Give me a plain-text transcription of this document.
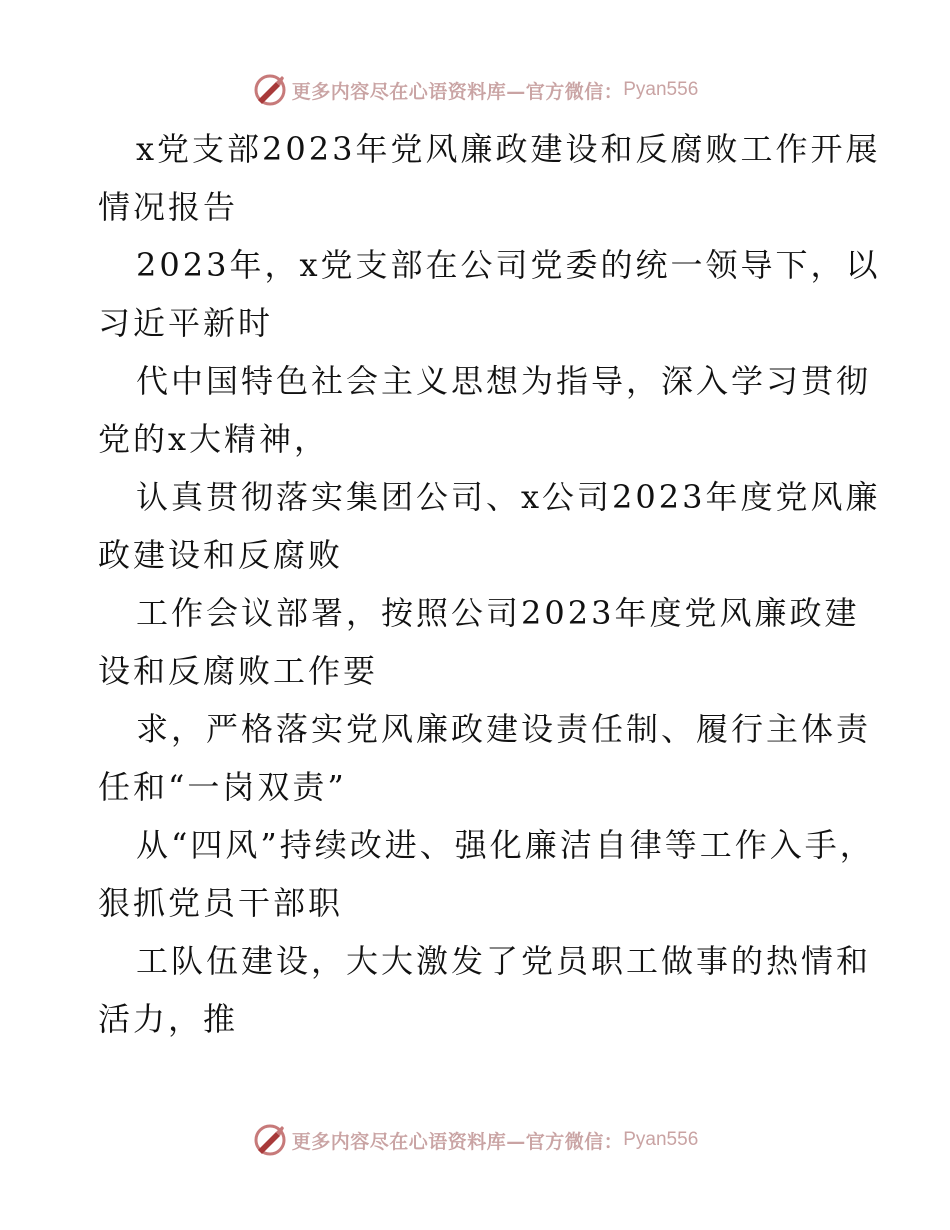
更多内容尽在心语资料库—官方微信： Pyan556

x党支部2023年党风廉政建设和反腐败工作开展情况报告

2023年，x党支部在公司党委的统一领导下，以习近平新时

代中国特色社会主义思想为指导，深入学习贯彻党的x大精神，

认真贯彻落实集团公司、x公司2023年度党风廉政建设和反腐败

工作会议部署，按照公司2023年度党风廉政建设和反腐败工作要

求，严格落实党风廉政建设责任制、履行主体责任和“一岗双责”

从“四风”持续改进、强化廉洁自律等工作入手，狠抓党员干部职

工队伍建设，大大激发了党员职工做事的热情和活力，推

更多内容尽在心语资料库—官方微信： Pyan556
